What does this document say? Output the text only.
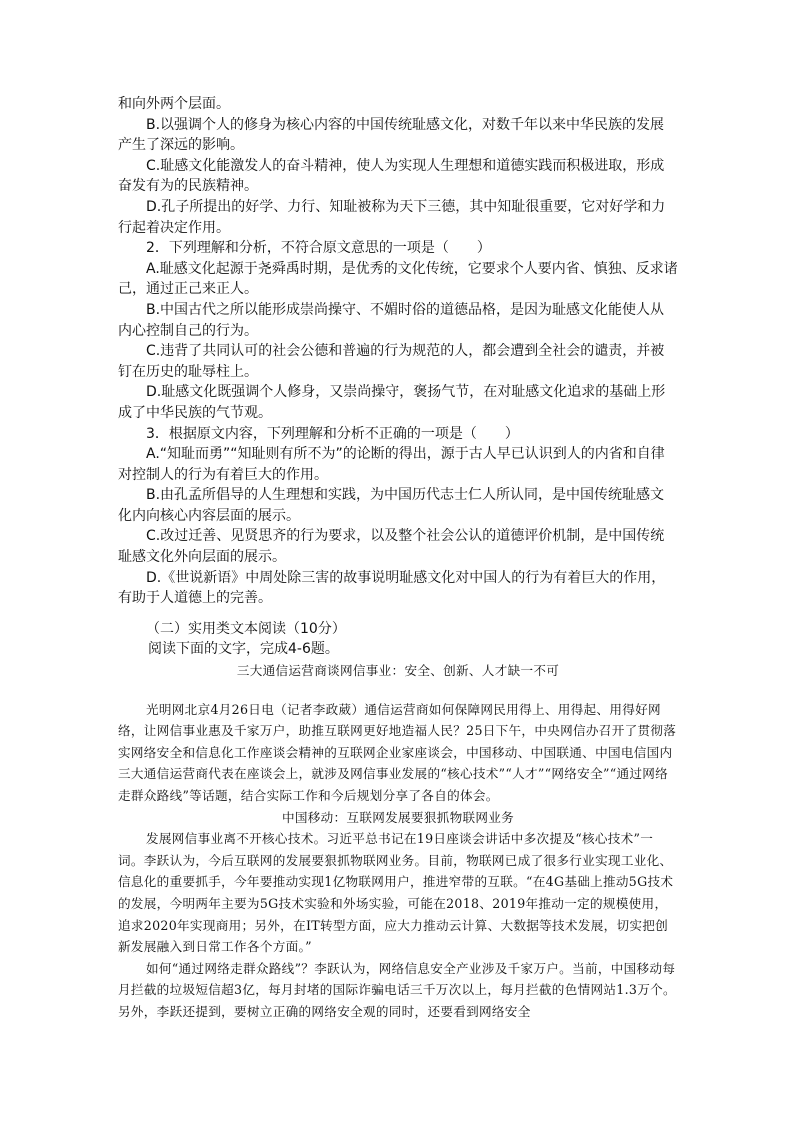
和向外两个层面。

B.以强调个人的修身为核心内容的中国传统耻感文化，对数千年以来中华民族的发展产生了深远的影响。

C.耻感文化能激发人的奋斗精神，使人为实现人生理想和道德实践而积极进取，形成奋发有为的民族精神。

D.孔子所提出的好学、力行、知耻被称为天下三德，其中知耻很重要，它对好学和力行起着决定作用。

2．下列理解和分析，不符合原文意思的一项是（　　）

A.耻感文化起源于尧舜禹时期，是优秀的文化传统，它要求个人要内省、慎独、反求诸己，通过正己来正人。

B.中国古代之所以能形成崇尚操守、不媚时俗的道德品格，是因为耻感文化能使人从内心控制自己的行为。

C.违背了共同认可的社会公德和普遍的行为规范的人，都会遭到全社会的谴责，并被钉在历史的耻辱柱上。

D.耻感文化既强调个人修身，又崇尚操守，褒扬气节，在对耻感文化追求的基础上形成了中华民族的气节观。

3．根据原文内容，下列理解和分析不正确的一项是（　　）

A.“知耻而勇”“知耻则有所不为”的论断的得出，源于古人早已认识到人的内省和自律对控制人的行为有着巨大的作用。

B.由孔孟所倡导的人生理想和实践，为中国历代志士仁人所认同，是中国传统耻感文化内向核心内容层面的展示。

C.改过迁善、见贤思齐的行为要求，以及整个社会公认的道德评价机制，是中国传统耻感文化外向层面的展示。

D.《世说新语》中周处除三害的故事说明耻感文化对中国人的行为有着巨大的作用，有助于人道德上的完善。

（二）实用类文本阅读（10分）
阅读下面的文字，完成4-6题。

三大通信运营商谈网信事业：安全、创新、人才缺一不可

光明网北京4月26日电（记者李政葳）通信运营商如何保障网民用得上、用得起、用得好网络，让网信事业惠及千家万户，助推互联网更好地造福人民？25日下午，中央网信办召开了贯彻落实网络安全和信息化工作座谈会精神的互联网企业家座谈会，中国移动、中国联通、中国电信国内三大通信运营商代表在座谈会上，就涉及网信事业发展的“核心技术”“人才”“网络安全”“通过网络走群众路线”等话题，结合实际工作和今后规划分享了各自的体会。

中国移动：互联网发展要狠抓物联网业务

发展网信事业离不开核心技术。习近平总书记在19日座谈会讲话中多次提及“核心技术”一词。李跃认为，今后互联网的发展要狠抓物联网业务。目前，物联网已成了很多行业实现工业化、信息化的重要抓手，今年要推动实现1亿物联网用户，推进窄带的互联。“在4G基础上推动5G技术的发展，今明两年主要为5G技术实验和外场实验，可能在2018、2019年推动一定的规模使用，追求2020年实现商用；另外，在IT转型方面，应大力推动云计算、大数据等技术发展，切实把创新发展融入到日常工作各个方面。”

如何“通过网络走群众路线”？李跃认为，网络信息安全产业涉及千家万户。当前，中国移动每月拦截的垃圾短信超3亿，每月封堵的国际诈骗电话三千万次以上，每月拦截的色情网站1.3万个。另外，李跃还提到，要树立正确的网络安全观的同时，还要看到网络安全
